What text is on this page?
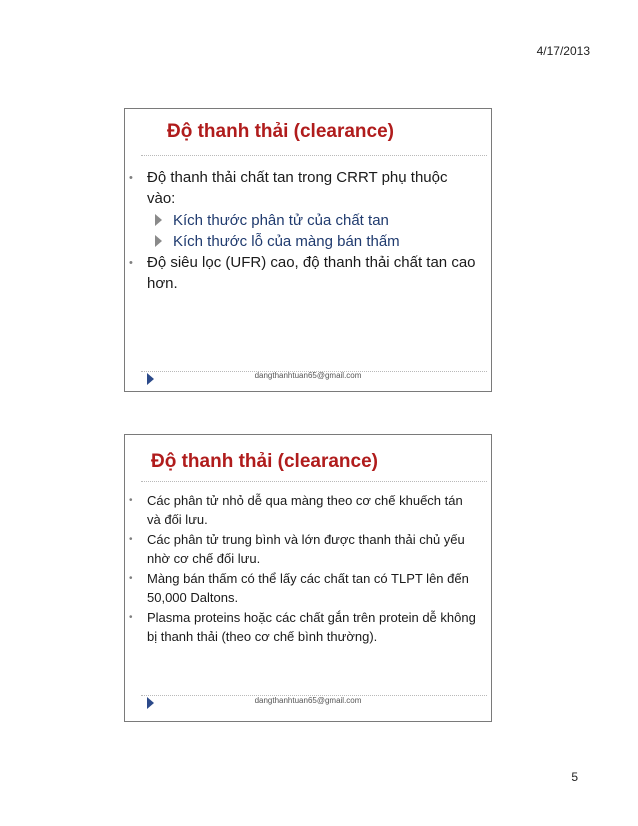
4/17/2013
Độ thanh thải (clearance)
• Độ thanh thải chất tan trong CRRT phụ thuộc vào:
Kích thước phân tử của chất tan
Kích thước lỗ của màng bán thấm
• Độ siêu lọc (UFR) cao, độ thanh thải chất tan cao hơn.
dangthanhtuan65@gmail.com
Độ thanh thải (clearance)
• Các phân tử nhỏ dễ qua màng theo cơ chế khuếch tán và đối lưu.
• Các phân tử trung bình và lớn được thanh thải chủ yếu nhờ cơ chế đối lưu.
• Màng bán thấm có thể lấy các chất tan có TLPT lên đến 50,000 Daltons.
• Plasma proteins hoặc các chất gắn trên protein dễ không bị thanh thải (theo cơ chế bình thường).
dangthanhtuan65@gmail.com
5
